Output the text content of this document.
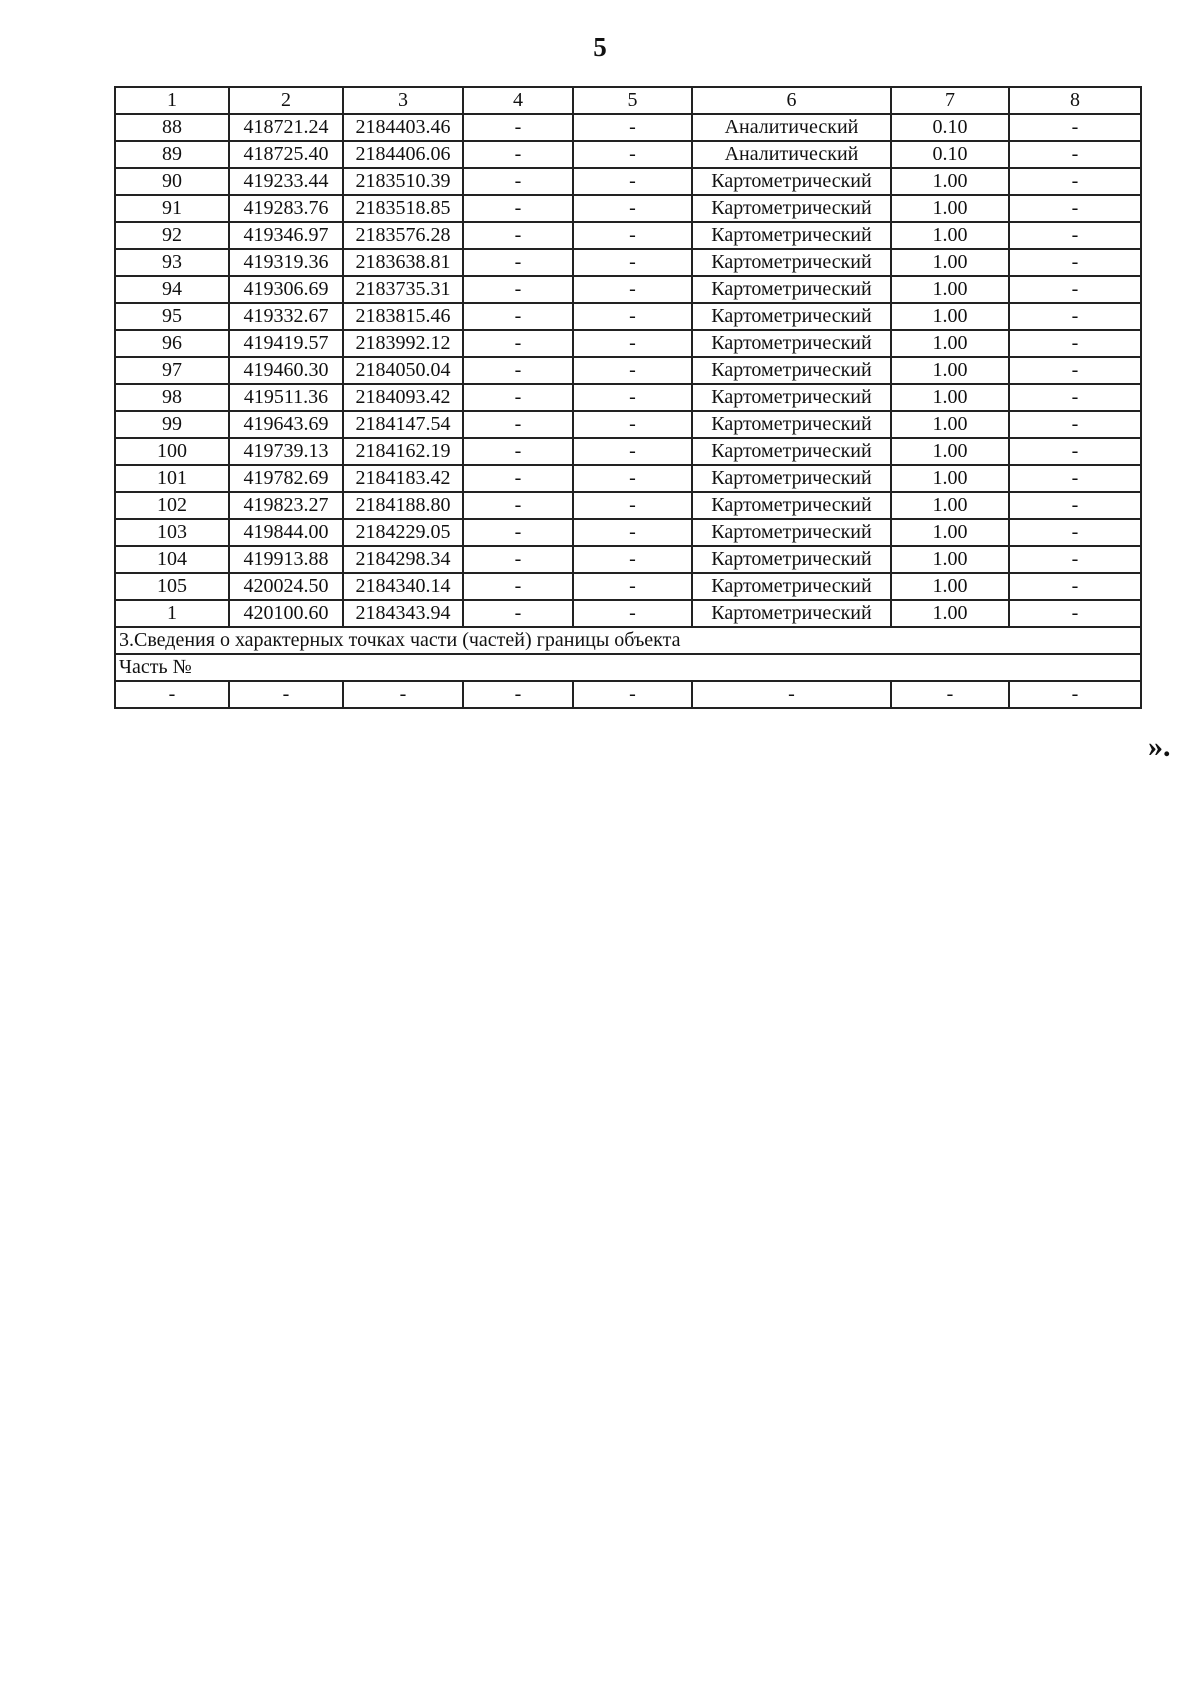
5
1	2	3	4	5	6	7	8
88	418721.24	2184403.46	-	-	Аналитический	0.10	-
89	418725.40	2184406.06	-	-	Аналитический	0.10	-
90	419233.44	2183510.39	-	-	Картометрический	1.00	-
91	419283.76	2183518.85	-	-	Картометрический	1.00	-
92	419346.97	2183576.28	-	-	Картометрический	1.00	-
93	419319.36	2183638.81	-	-	Картометрический	1.00	-
94	419306.69	2183735.31	-	-	Картометрический	1.00	-
95	419332.67	2183815.46	-	-	Картометрический	1.00	-
96	419419.57	2183992.12	-	-	Картометрический	1.00	-
97	419460.30	2184050.04	-	-	Картометрический	1.00	-
98	419511.36	2184093.42	-	-	Картометрический	1.00	-
99	419643.69	2184147.54	-	-	Картометрический	1.00	-
100	419739.13	2184162.19	-	-	Картометрический	1.00	-
101	419782.69	2184183.42	-	-	Картометрический	1.00	-
102	419823.27	2184188.80	-	-	Картометрический	1.00	-
103	419844.00	2184229.05	-	-	Картометрический	1.00	-
104	419913.88	2184298.34	-	-	Картометрический	1.00	-
105	420024.50	2184340.14	-	-	Картометрический	1.00	-
1	420100.60	2184343.94	-	-	Картометрический	1.00	-
3.Сведения о характерных точках части (частей) границы объекта							
Часть №							
-	-	-	-	-	-	-	-
».
